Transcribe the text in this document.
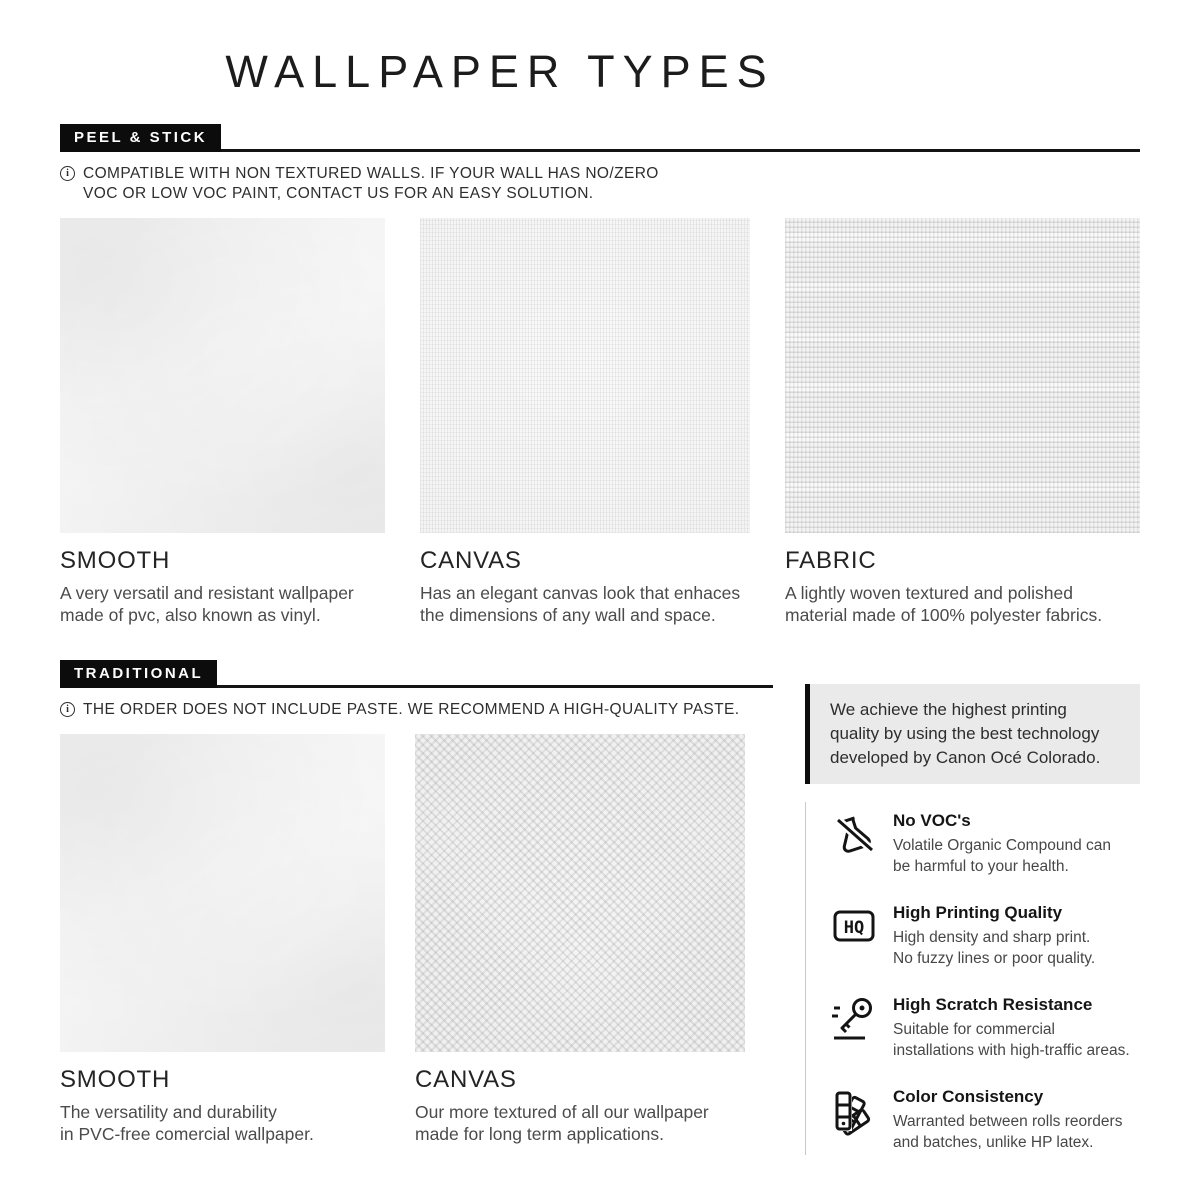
WALLPAPER TYPES
PEEL & STICK
i
COMPATIBLE WITH NON TEXTURED WALLS. IF YOUR WALL HAS NO/ZERO
VOC OR LOW VOC PAINT, CONTACT US FOR AN EASY SOLUTION.
SMOOTH
A very versatil and resistant wallpaper
made of pvc, also known as vinyl.
CANVAS
Has an elegant canvas look that enhaces
the dimensions of any wall and space.
FABRIC
A lightly woven textured and polished
material made of 100% polyester fabrics.
TRADITIONAL
i
THE ORDER DOES NOT INCLUDE PASTE. WE RECOMMEND A HIGH-QUALITY PASTE.
SMOOTH
The versatility and durability
in PVC-free comercial wallpaper.
CANVAS
Our more textured of all our wallpaper
made for long term applications.
We achieve the highest printing
quality by using the best technology
developed by Canon Océ Colorado.

No VOC's

Volatile Organic Compound can
be harmful to your health.
HQ

High Printing Quality

High density and sharp print.
No fuzzy lines or poor quality.

High Scratch Resistance

Suitable for commercial
installations with high-traffic areas.

Color Consistency

Warranted between rolls reorders
and batches, unlike HP latex.
